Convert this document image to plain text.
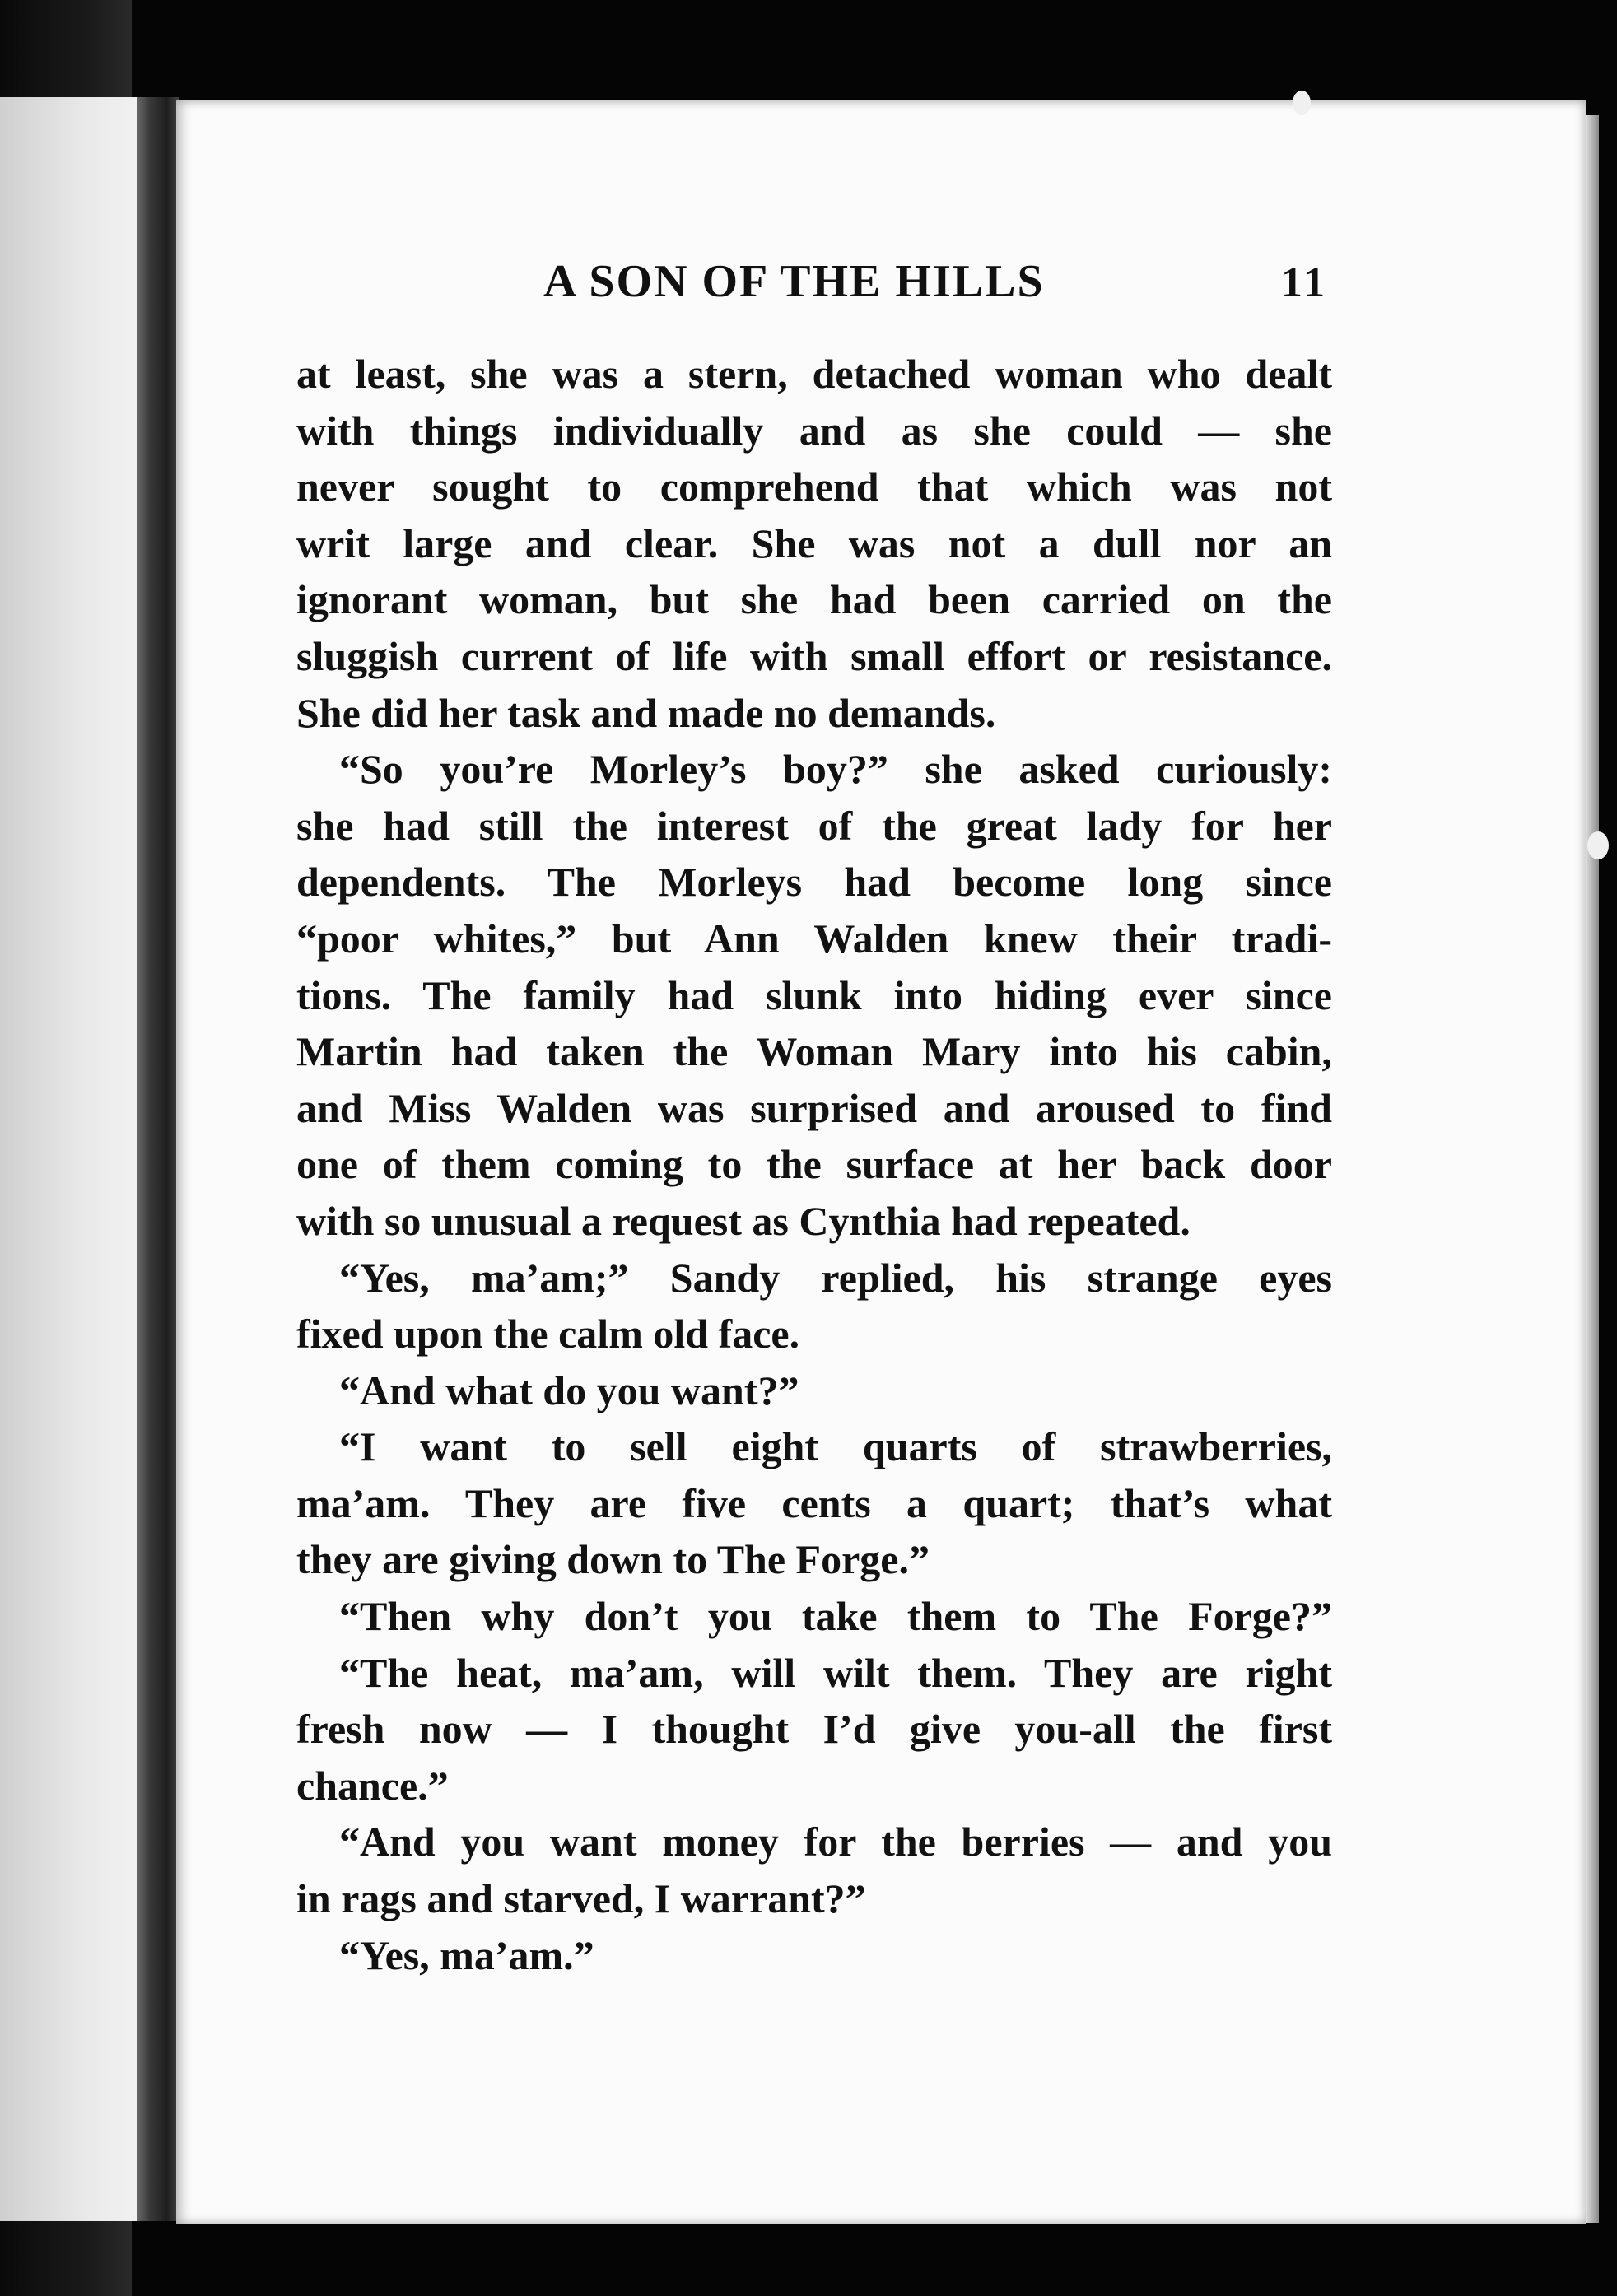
A SON OF THE HILLS	11
at least, she was a stern, detached woman who dealt
with things individually and as she could — she
never sought to comprehend that which was not
writ large and clear. She was not a dull nor an
ignorant woman, but she had been carried on the
sluggish current of life with small effort or resistance.
She did her task and made no demands.
“So you’re Morley’s boy?” she asked curiously:
she had still the interest of the great lady for her
dependents. The Morleys had become long since
“poor whites,” but Ann Walden knew their tradi-
tions. The family had slunk into hiding ever since
Martin had taken the Woman Mary into his cabin,
and Miss Walden was surprised and aroused to find
one of them coming to the surface at her back door
with so unusual a request as Cynthia had repeated.
“Yes, ma’am;” Sandy replied, his strange eyes
fixed upon the calm old face.
“And what do you want?”
“I want to sell eight quarts of strawberries,
ma’am. They are five cents a quart; that’s what
they are giving down to The Forge.”
“Then why don’t you take them to The Forge?”
“The heat, ma’am, will wilt them. They are right
fresh now — I thought I’d give you-all the first
chance.”
“And you want money for the berries — and you
in rags and starved, I warrant?”
“Yes, ma’am.”
